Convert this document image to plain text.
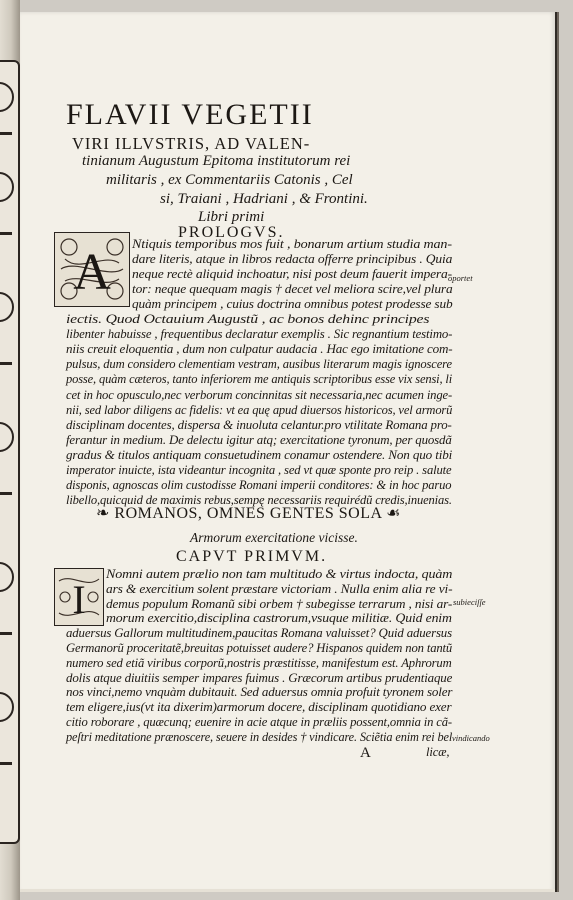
FLAVII VEGETII
VIRI ILLVSTRIS, AD VALEN-
tinianum Augustum Epitoma institutorum rei
militaris , ex Commentariis Catonis , Cel
si, Traiani , Hadriani , & Frontini.
Libri primi
PROLOGVS.
A Ntiquis temporibus mos fuit , bonarum artium studia man-
dare literis, atque in libros redacta offerre principibus . Quia
neque rectè aliquid inchoatur, nisi post deum fauerit impera-
tor: neque quequam magis † decet vel meliora scire,vel plura
quàm principem , cuius doctrina omnibus potest prodesse sub
iectis. Quod Octauium Augustũ , ac bonos dehinc principes
libenter habuisse , frequentibus declaratur exemplis . Sic regnantium testimo-
niis creuit eloquentia , dum non culpatur audacia . Hac ego imitatione com-
pulsus, dum considero clementiam vestram, ausibus literarum magis ignoscere
posse, quàm cæteros, tanto inferiorem me antiquis scriptoribus esse vix sensi, li
cet in hoc opusculo,nec verborum concinnitas sit necessaria,nec acumen inge-
nii, sed labor diligens ac fidelis: vt ea quę apud diuersos historicos, vel armorũ
disciplinam docentes, dispersa & inuoluta celantur.pro vtilitate Romana pro-
ferantur in medium. De delectu igitur atq; exercitatione tyronum, per quosdã
gradus & titulos antiquam consuetudinem conamur ostendere. Non quo tibi
imperator inuicte, ista videantur incognita , sed vt quæ sponte pro reip . salute
disponis, agnoscas olim custodisse Romani imperii conditores: & in hoc paruo
libello,quicquid de maximis rebus,sempę necessariis requirédũ credis,inuenias.
oportet
❧ ROMANOS, OMNES GENTES SOLA ☙
Armorum exercitatione vicisse.
CAPVT PRIMVM.
I
Nomni autem prælio non tam multitudo & virtus indocta, quàm
ars & exercitium solent præstare victoriam . Nulla enim alia re vi-
demus populum Romanũ sibi orbem † subegisse terrarum , nisi ar-
morum exercitio,disciplina castrorum,vsuque militiæ. Quid enim
aduersus Gallorum multitudinem,paucitas Romana valuisset? Quid aduersus
Germanorũ proceritatẽ,breuitas potuisset audere? Hispanos quidem non tantũ
numero sed etiã viribus corporũ,nostris præstitisse, manifestum est. Aphrorum
dolis atque diuitiis semper impares fuimus . Græcorum artibus prudentiaque
nos vinci,nemo vnquàm dubitauit. Sed aduersus omnia profuit tyronem soler
tem eligere,ius(vt ita dixerim)armorum docere, disciplinam quotidiano exer
citio roborare , quæcunq; euenire in acie atque in præliis possent,omnia in cã-
peſtri meditatione prænoscere, seuere in desides † vindicare. Sciẽtia enim rei bel
subieciſſe
vindicando
A	licæ,
